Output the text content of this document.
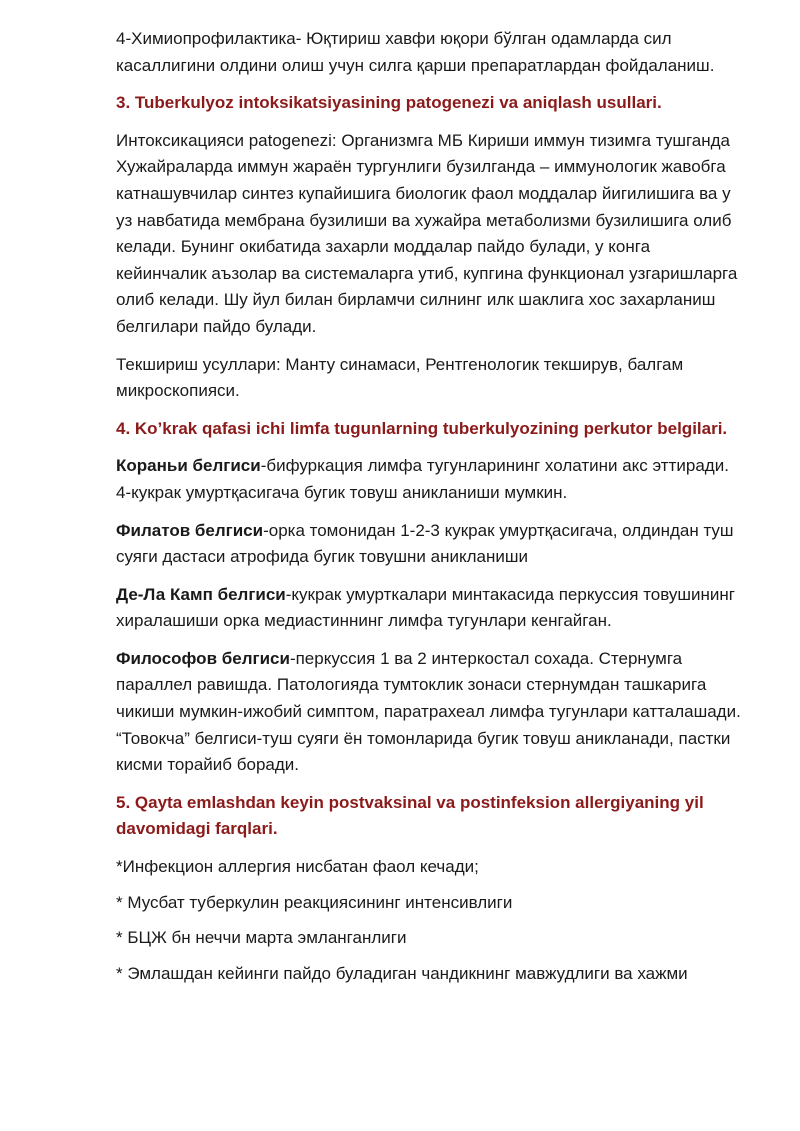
4-Химиопрофилактика- Юқтириш хавфи юқори бўлган одамларда сил касаллигини олдини олиш учун силга қарши препаратлардан фойдаланиш.

3. Tuberkulyoz intoksikatsiyasining patogenezi va aniqlash usullari.

Интоксикацияси patogenezi: Организмга МБ Кириши иммун тизимга тушганда Хужайраларда иммун жараён тургунлиги бузилганда – иммунологик жавобга катнашувчилар синтез купайишига биологик фаол моддалар йигилишига ва у уз навбатида мембрана бузилиши ва хужайра метаболизми бузилишига олиб келади. Бунинг окибатида захарли моддалар пайдо булади, у конга кейинчалик аъзолар ва системаларга утиб, купгина функционал узгаришларга олиб келади. Шу йул билан бирламчи силнинг илк шаклига хос захарланиш белгилари пайдо булади.

Текшириш усуллари: Манту синамаси, Рентгенологик текширув, балгам микроскопияси.

4. Ko’krak qafasi ichi limfa tugunlarning tuberkulyozining perkutor belgilari.

Кораньи белгиси-бифуркация лимфа тугунларининг холатини акс эттиради. 4-кукрак умуртқасигача бугик товуш аникланиши мумкин.

Филатов белгиси-орка томонидан 1-2-3 кукрак умуртқасигача, олдиндан туш суяги дастаси атрофида бугик товушни аникланиши

Де-Ла Камп белгиси-кукрак умурткалари минтакасида перкуссия товушининг хиралашиши орка медиастиннинг лимфа тугунлари кенгайган.

Философов белгиси-перкуссия 1 ва 2 интеркостал сохада. Стернумга параллел равишда. Патологияда тумтоклик зонаси стернумдан ташкарига чикиши мумкин-ижобий симптом, паратрахеал лимфа тугунлари катталашади. “Товокча” белгиси-туш суяги ён томонларида бугик товуш аникланади, пастки кисми торайиб боради.

5. Qayta emlashdan keyin postvaksinal va postinfeksion allergiyaning yil davomidagi farqlari.

*Инфекцион аллергия нисбатан фаол кечади;

* Мусбат туберкулин реакциясининг интенсивлиги

* БЦЖ бн неччи марта эмланганлиги

* Эмлашдан кейинги пайдо буладиган чандикнинг мавжудлиги ва хажми
